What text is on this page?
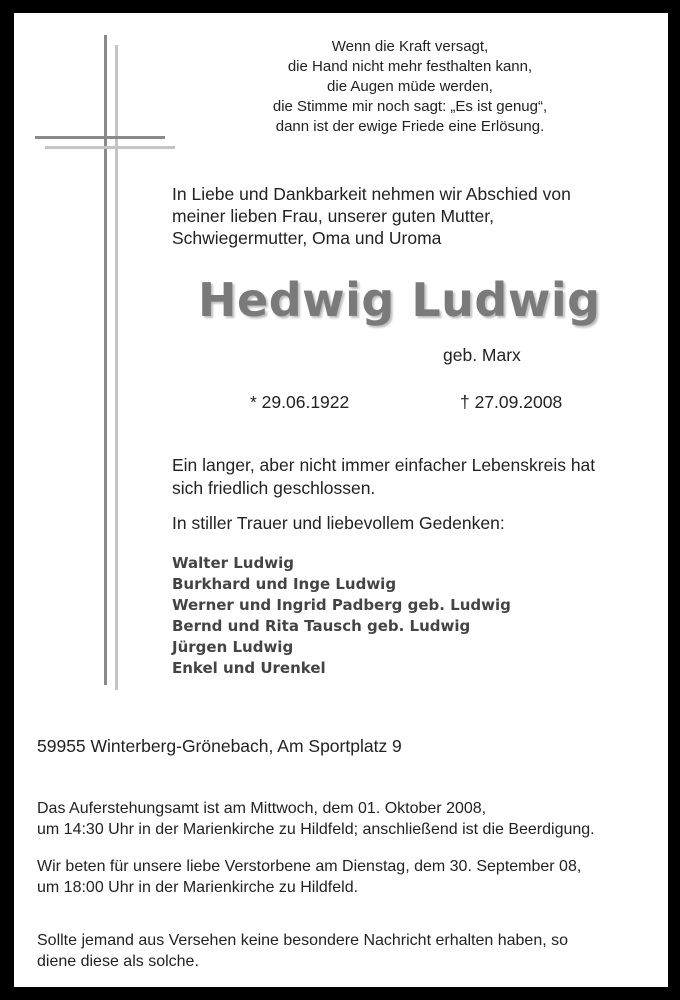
Wenn die Kraft versagt,
die Hand nicht mehr festhalten kann,
die Augen müde werden,
die Stimme mir noch sagt: „Es ist genug“,
dann ist der ewige Friede eine Erlösung.
In Liebe und Dankbarkeit nehmen wir Abschied von
meiner lieben Frau, unserer guten Mutter,
Schwiegermutter, Oma und Uroma
Hedwig Ludwig
geb. Marx
* 29.06.1922	† 27.09.2008
Ein langer, aber nicht immer einfacher Lebenskreis hat
sich friedlich geschlossen.
In stiller Trauer und liebevollem Gedenken:
Walter Ludwig
Burkhard und Inge Ludwig
Werner und Ingrid Padberg geb. Ludwig
Bernd und Rita Tausch geb. Ludwig
Jürgen Ludwig
Enkel und Urenkel
59955 Winterberg-Grönebach, Am Sportplatz 9
Das Auferstehungsamt ist am Mittwoch, dem 01. Oktober 2008,
um 14:30 Uhr in der Marienkirche zu Hildfeld; anschließend ist die Beerdigung.
Wir beten für unsere liebe Verstorbene am Dienstag, dem 30. September 08,
um 18:00 Uhr in der Marienkirche zu Hildfeld.
Sollte jemand aus Versehen keine besondere Nachricht erhalten haben, so
diene diese als solche.
